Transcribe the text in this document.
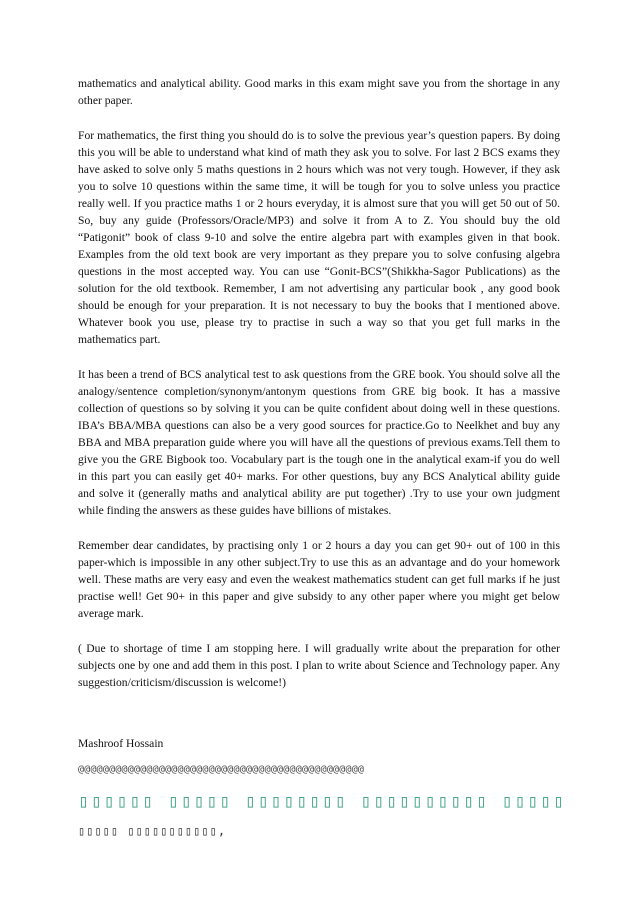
mathematics and analytical ability. Good marks in this exam might save you from the shortage in any other paper.

For mathematics, the first thing you should do is to solve the previous year’s question papers. By doing this you will be able to understand what kind of math they ask you to solve. For last 2 BCS exams they have asked to solve only 5 maths questions in 2 hours which was not very tough. However, if they ask you to solve 10 questions within the same time, it will be tough for you to solve unless you practice really well. If you practice maths 1 or 2 hours everyday, it is almost sure that you will get 50 out of 50. So, buy any guide (Professors/Oracle/MP3) and solve it from A to Z. You should buy the old “Patigonit” book of class 9-10 and solve the entire algebra part with examples given in that book. Examples from the old text book are very important as they prepare you to solve confusing algebra questions in the most accepted way. You can use “Gonit-BCS”(Shikkha-Sagor Publications) as the solution for the old textbook. Remember, I am not advertising any particular book , any good book should be enough for your preparation. It is not necessary to buy the books that I mentioned above. Whatever book you use, please try to practise in such a way so that you get full marks in the mathematics part.

It has been a trend of BCS analytical test to ask questions from the GRE book. You should solve all the analogy/sentence completion/synonym/antonym questions from GRE big book. It has a massive collection of questions so by solving it you can be quite confident about doing well in these questions. IBA’s BBA/MBA questions can also be a very good sources for practice.Go to Neelkhet and buy any BBA and MBA preparation guide where you will have all the questions of previous exams.Tell them to give you the GRE Bigbook too. Vocabulary part is the tough one in the analytical exam-if you do well in this part you can easily get 40+ marks. For other questions, buy any BCS Analytical ability guide and solve it (generally maths and analytical ability are put together) .Try to use your own judgment while finding the answers as these guides have billions of mistakes.

Remember dear candidates, by practising only 1 or 2 hours a day you can get 90+ out of 100 in this paper-which is impossible in any other subject.Try to use this as an advantage and do your homework well. These maths are very easy and even the weakest mathematics student can get full marks if he just practise well! Get 90+ in this paper and give subsidy to any other paper where you might get below average mark.

( Due to shortage of time I am stopping here. I will gradually write about the preparation for other subjects one by one and add them in this post. I plan to write about Science and Technology paper. Any suggestion/criticism/discussion is welcome!)

Mashroof Hossain
@@@@@@@@@@@@@@@@@@@@@@@@@@@@@@@@@@@@@@@@@@@@@@
▯▯▯▯▯▯ ▯▯▯▯▯ ▯▯▯▯▯▯▯▯ ▯▯▯▯▯▯▯▯▯▯ ▯▯▯▯▯
▯▯▯▯▯ ▯▯▯▯▯▯▯▯▯▯▯,
